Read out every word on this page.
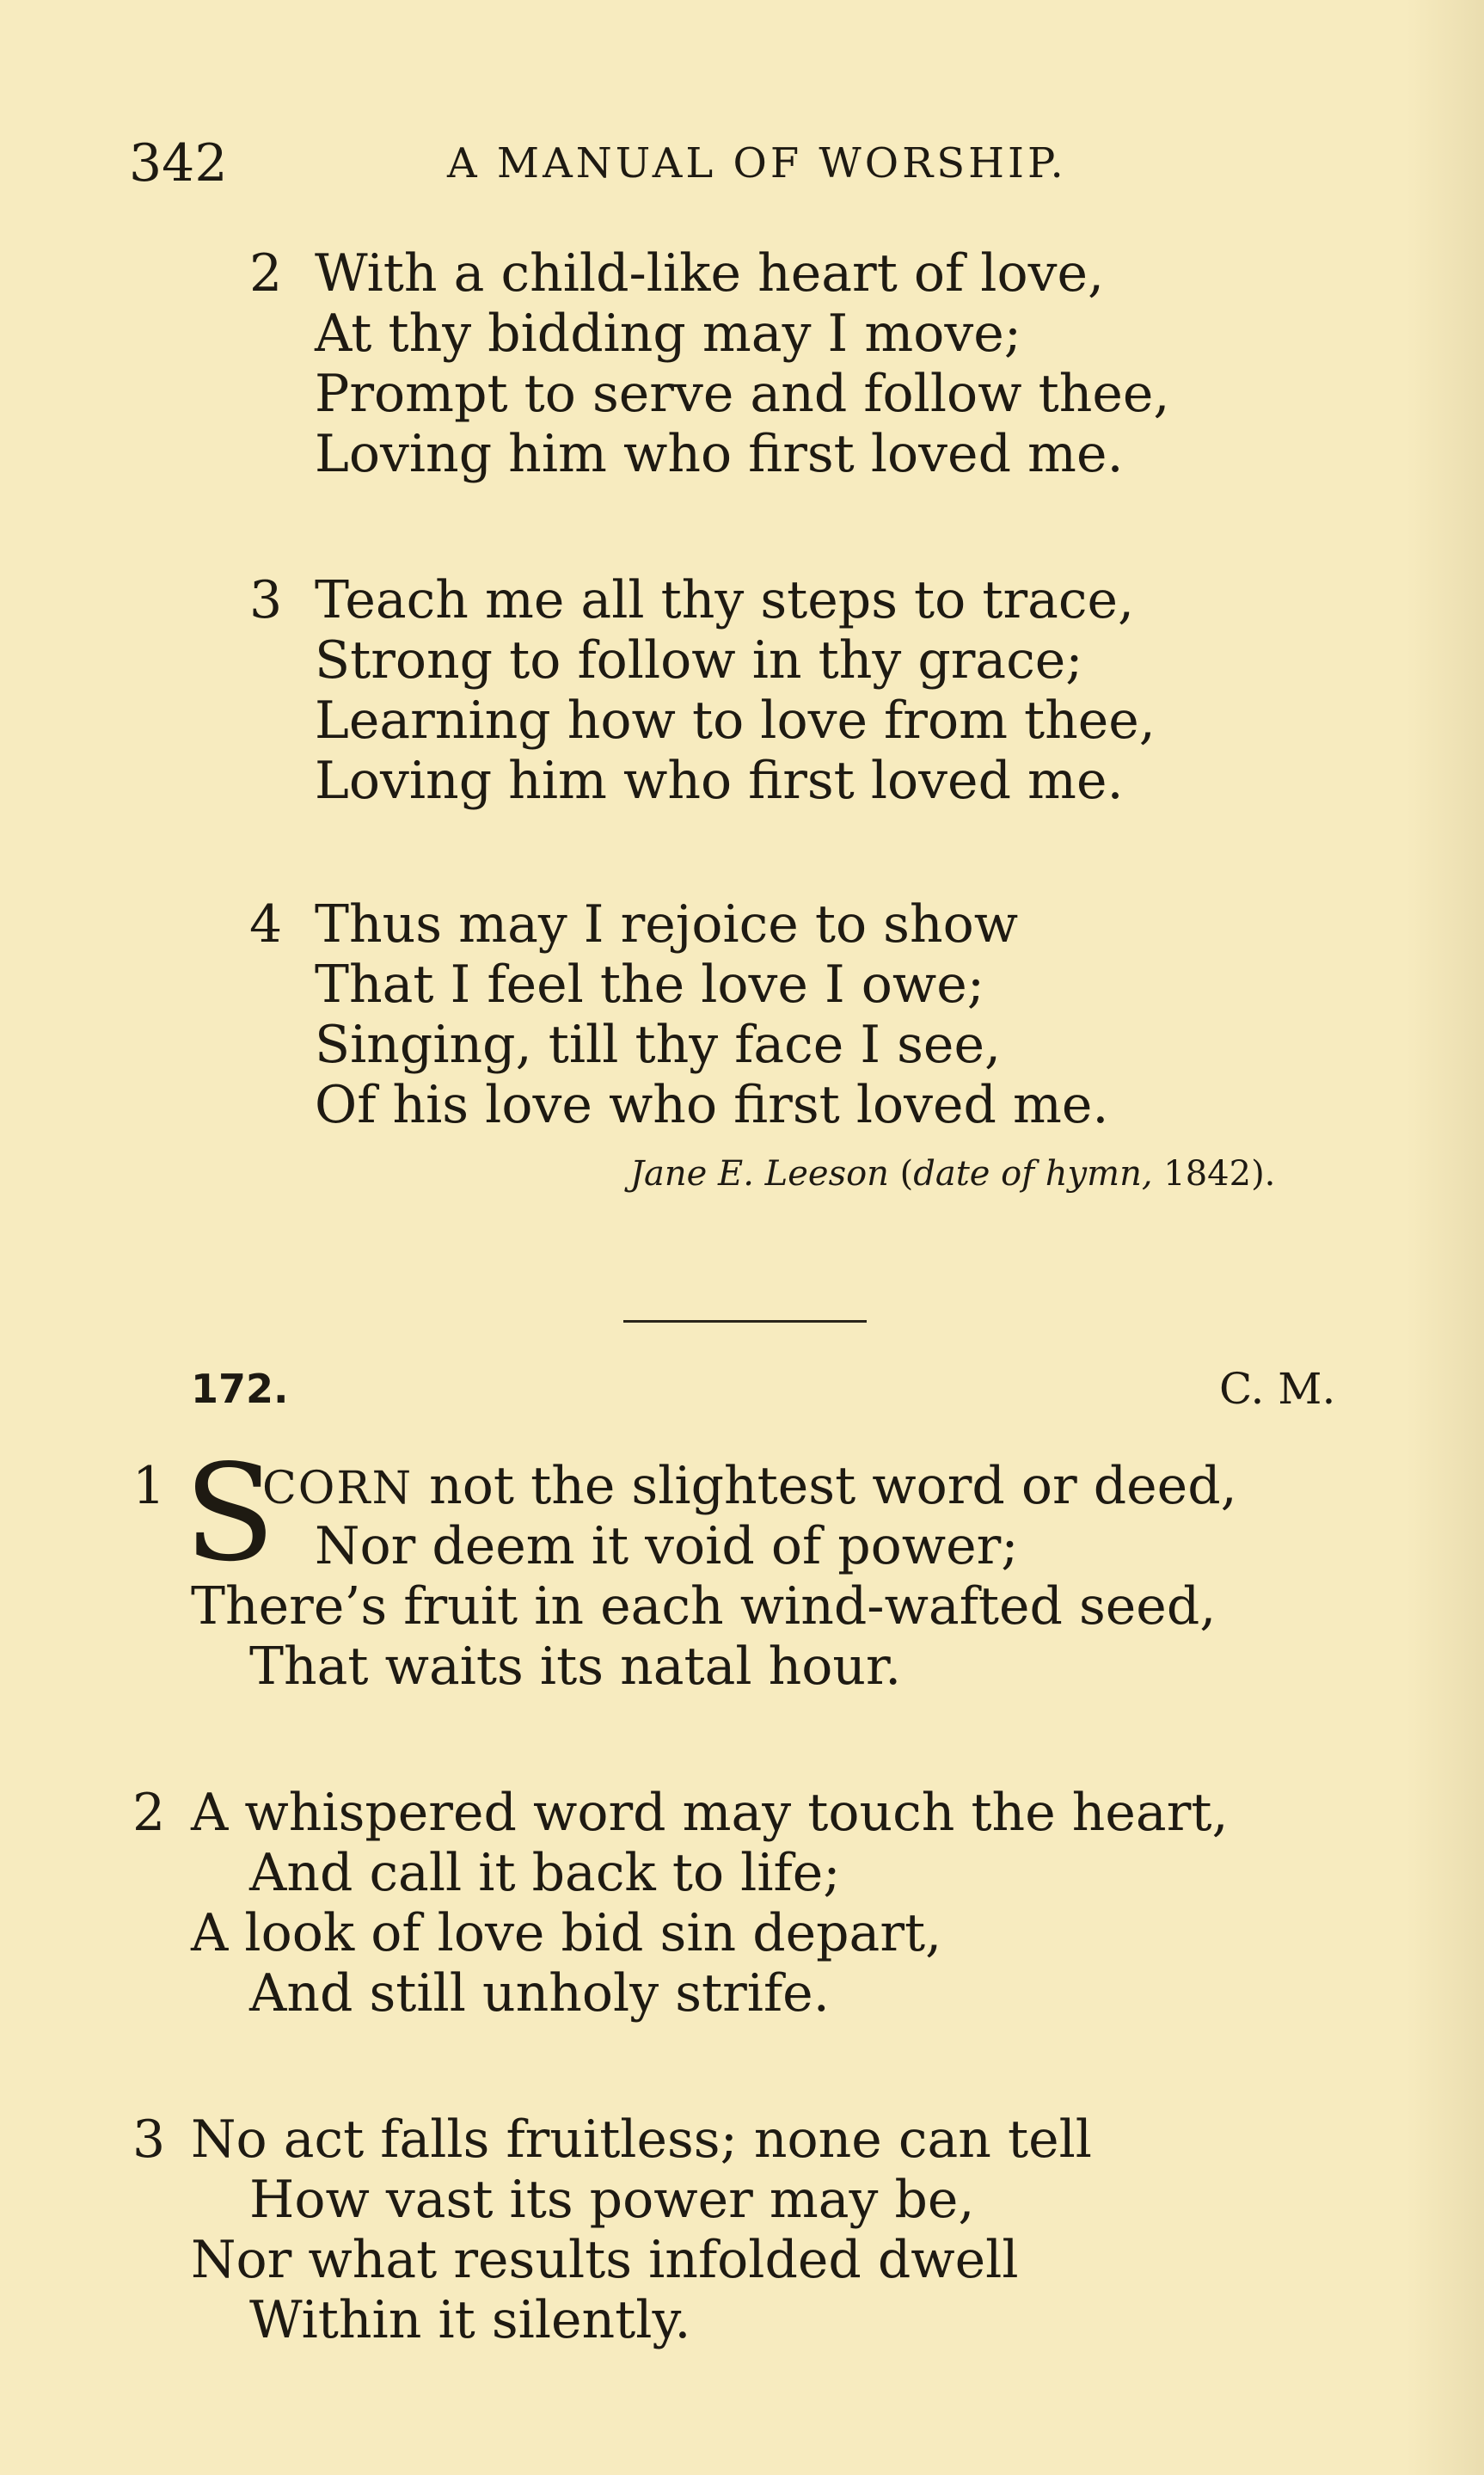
342	A MANUAL OF WORSHIP.
2 With a child-like heart of love,
At thy bidding may I move;
Prompt to serve and follow thee,
Loving him who first loved me.
3 Teach me all thy steps to trace,
Strong to follow in thy grace;
Learning how to love from thee,
Loving him who first loved me.
4 Thus may I rejoice to show
That I feel the love I owe;
Singing, till thy face I see,
Of his love who first loved me.
Jane E. Leeson (date of hymn, 1842).
172.	C. M.
1 S
CORN not the slightest word or deed,
Nor deem it void of power;
There’s fruit in each wind-wafted seed,
That waits its natal hour.
2 A whispered word may touch the heart,
And call it back to life;
A look of love bid sin depart,
And still unholy strife.
3 No act falls fruitless; none can tell
How vast its power may be,
Nor what results infolded dwell
Within it silently.
